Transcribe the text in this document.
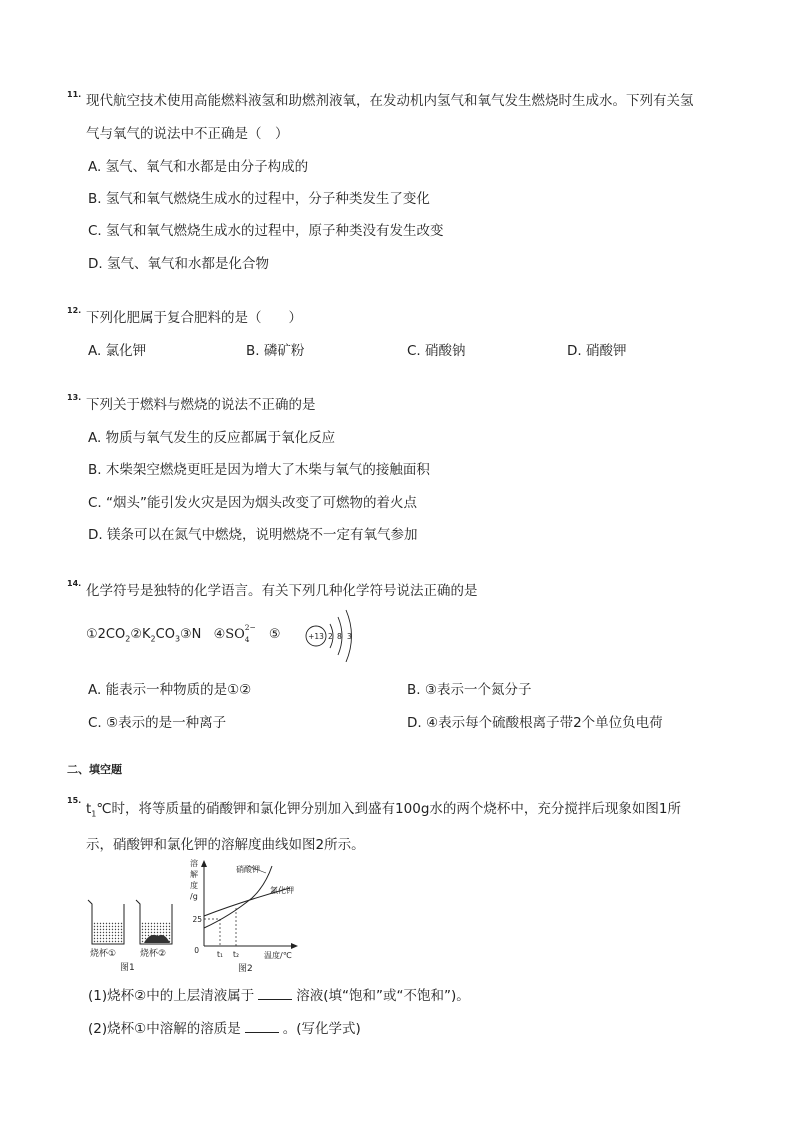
11. 现代航空技术使用高能燃料液氢和助燃剂液氧，在发动机内氢气和氧气发生燃烧时生成水。下列有关氢
气与氧气的说法中不正确是（　）
A. 氢气、氧气和水都是由分子构成的
B. 氢气和氧气燃烧生成水的过程中，分子种类发生了变化
C. 氢气和氧气燃烧生成水的过程中，原子种类没有发生改变
D. 氢气、氧气和水都是化合物
12. 下列化肥属于复合肥料的是（　　）
A. 氯化钾	B. 磷矿粉	C. 硝酸钠	D. 硝酸钾
13. 下列关于燃料与燃烧的说法不正确的是
A. 物质与氧气发生的反应都属于氧化反应
B. 木柴架空燃烧更旺是因为增大了木柴与氧气的接触面积
C. “烟头”能引发火灾是因为烟头改变了可燃物的着火点
D. 镁条可以在氮气中燃烧，说明燃烧不一定有氧气参加
14. 化学符号是独特的化学语言。有关下列几种化学符号说法正确的是
$①2CO_2②K_2CO_3③N$ ④SO 2−
4 ⑤	+13 2 8 3
A. 能表示一种物质的是①②	B. ③表示一个氮分子
C. ⑤表示的是一种离子	D. ④表示每个硫酸根离子带2个单位负电荷
二、填空题
15.
$t_1℃$时，将等质量的硝酸钾和氯化钾分别加入到盛有100g水的两个烧杯中，充分搅拌后现象如图1所
示，硝酸钾和氯化钾的溶解度曲线如图2所示。
烧杯①	烧杯②
图1
溶
解
度
/g
0
25
t₁ t₂	温度/℃
硝酸钾
氯化钾
图2
(1)烧杯②中的上层清液属于	溶液(填“饱和”或“不饱和”)。
(2)烧杯①中溶解的溶质是	。(写化学式)
